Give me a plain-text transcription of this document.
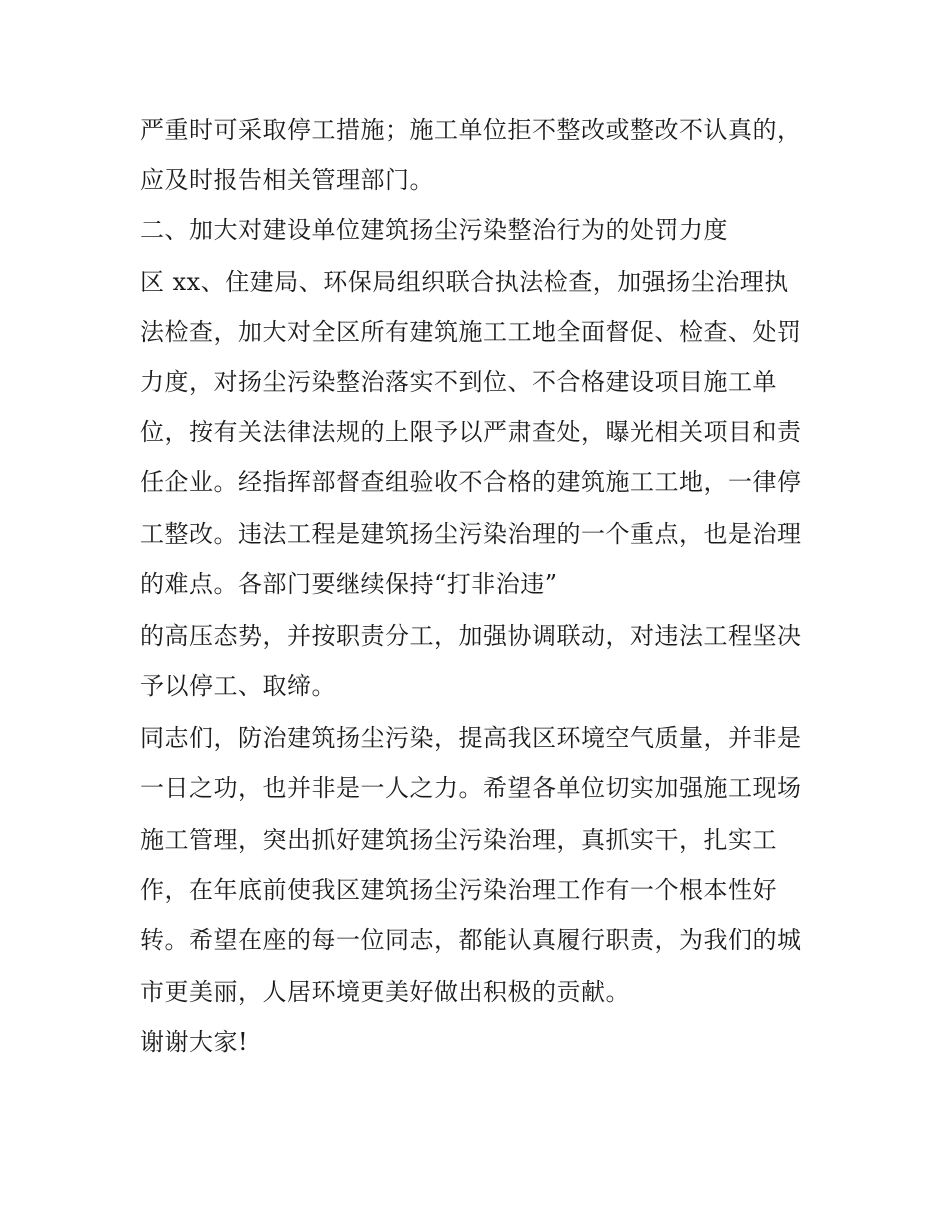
严重时可采取停工措施；施工单位拒不整改或整改不认真的，

应及时报告相关管理部门。

二、加大对建设单位建筑扬尘污染整治行为的处罚力度

区 xx、住建局、环保局组织联合执法检查，加强扬尘治理执

法检查，加大对全区所有建筑施工工地全面督促、检查、处罚

力度，对扬尘污染整治落实不到位、不合格建设项目施工单

位，按有关法律法规的上限予以严肃查处，曝光相关项目和责

任企业。经指挥部督查组验收不合格的建筑施工工地，一律停

工整改。违法工程是建筑扬尘污染治理的一个重点，也是治理

的难点。各部门要继续保持“打非治违”

的高压态势，并按职责分工，加强协调联动，对违法工程坚决

予以停工、取缔。

同志们，防治建筑扬尘污染，提高我区环境空气质量，并非是

一日之功，也并非是一人之力。希望各单位切实加强施工现场

施工管理，突出抓好建筑扬尘污染治理，真抓实干，扎实工

作，在年底前使我区建筑扬尘污染治理工作有一个根本性好

转。希望在座的每一位同志，都能认真履行职责，为我们的城

市更美丽，人居环境更美好做出积极的贡献。

谢谢大家!
